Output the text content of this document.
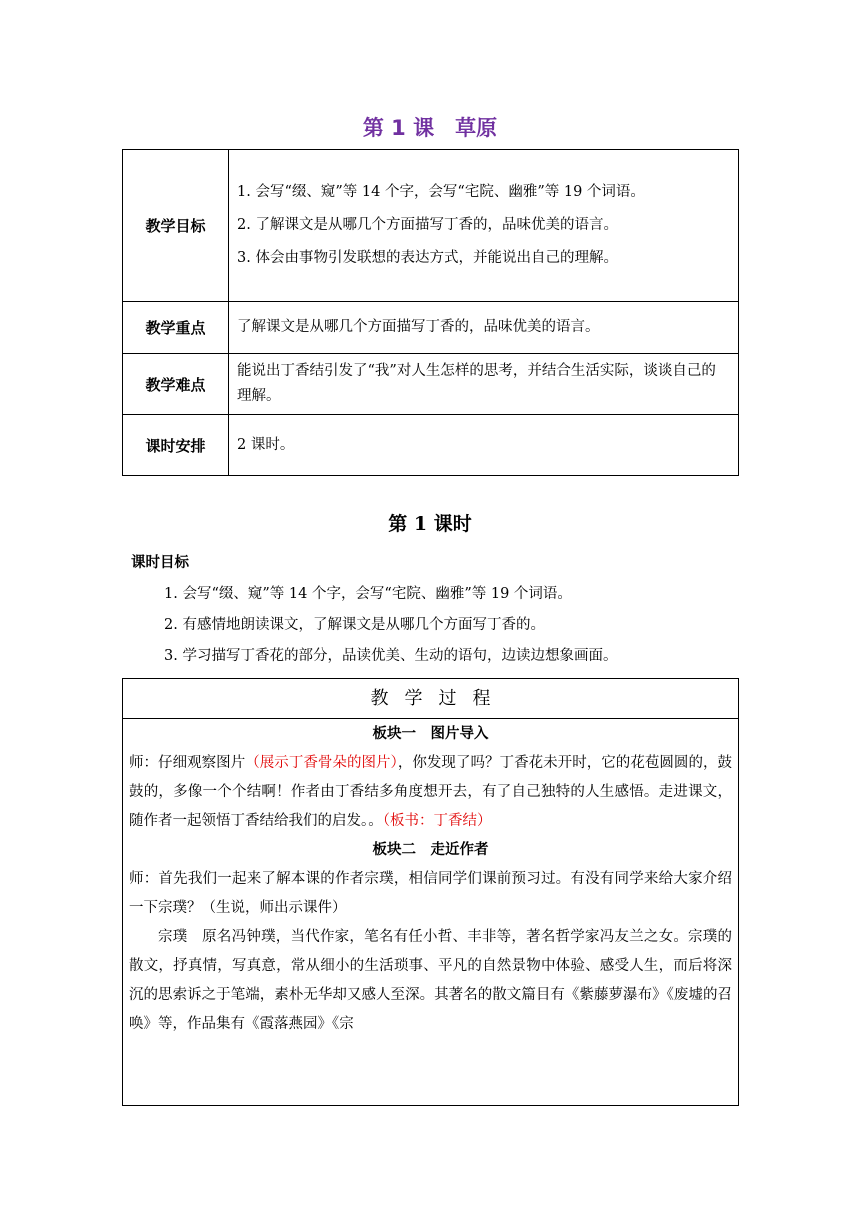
第 1 课　草原
教学目标	1. 会写“缀、窥”等 14 个字，会写“宅院、幽雅”等 19 个词语。
2. 了解课文是从哪几个方面描写丁香的，品味优美的语言。
3. 体会由事物引发联想的表达方式，并能说出自己的理解。

教学重点	了解课文是从哪几个方面描写丁香的，品味优美的语言。
教学难点	能说出丁香结引发了“我”对人生怎样的思考，并结合生活实际，谈谈自己的理解。
课时安排	2 课时。
第 1 课时
课时目标
1. 会写“缀、窥”等 14 个字，会写“宅院、幽雅”等 19 个词语。
2. 有感情地朗读课文，了解课文是从哪几个方面写丁香的。
3. 学习描写丁香花的部分，品读优美、生动的语句，边读边想象画面。
教学过程
板块一　图片导入
师：仔细观察图片（展示丁香骨朵的图片），你发现了吗？丁香花未开时，它的花苞圆圆的，鼓鼓的，多像一个个结啊！作者由丁香结多角度想开去，有了自己独特的人生感悟。走进课文，随作者一起领悟丁香结给我们的启发。。（板书：丁香结）
板块二　走近作者
师：首先我们一起来了解本课的作者宗璞，相信同学们课前预习过。有没有同学来给大家介绍一下宗璞？（生说，师出示课件）
宗璞　原名冯钟璞，当代作家，笔名有任小哲、丰非等，著名哲学家冯友兰之女。宗璞的散文，抒真情，写真意，常从细小的生活琐事、平凡的自然景物中体验、感受人生，而后将深沉的思索诉之于笔端，素朴无华却又感人至深。其著名的散文篇目有《紫藤萝瀑布》《废墟的召唤》等，作品集有《霞落燕园》《宗
